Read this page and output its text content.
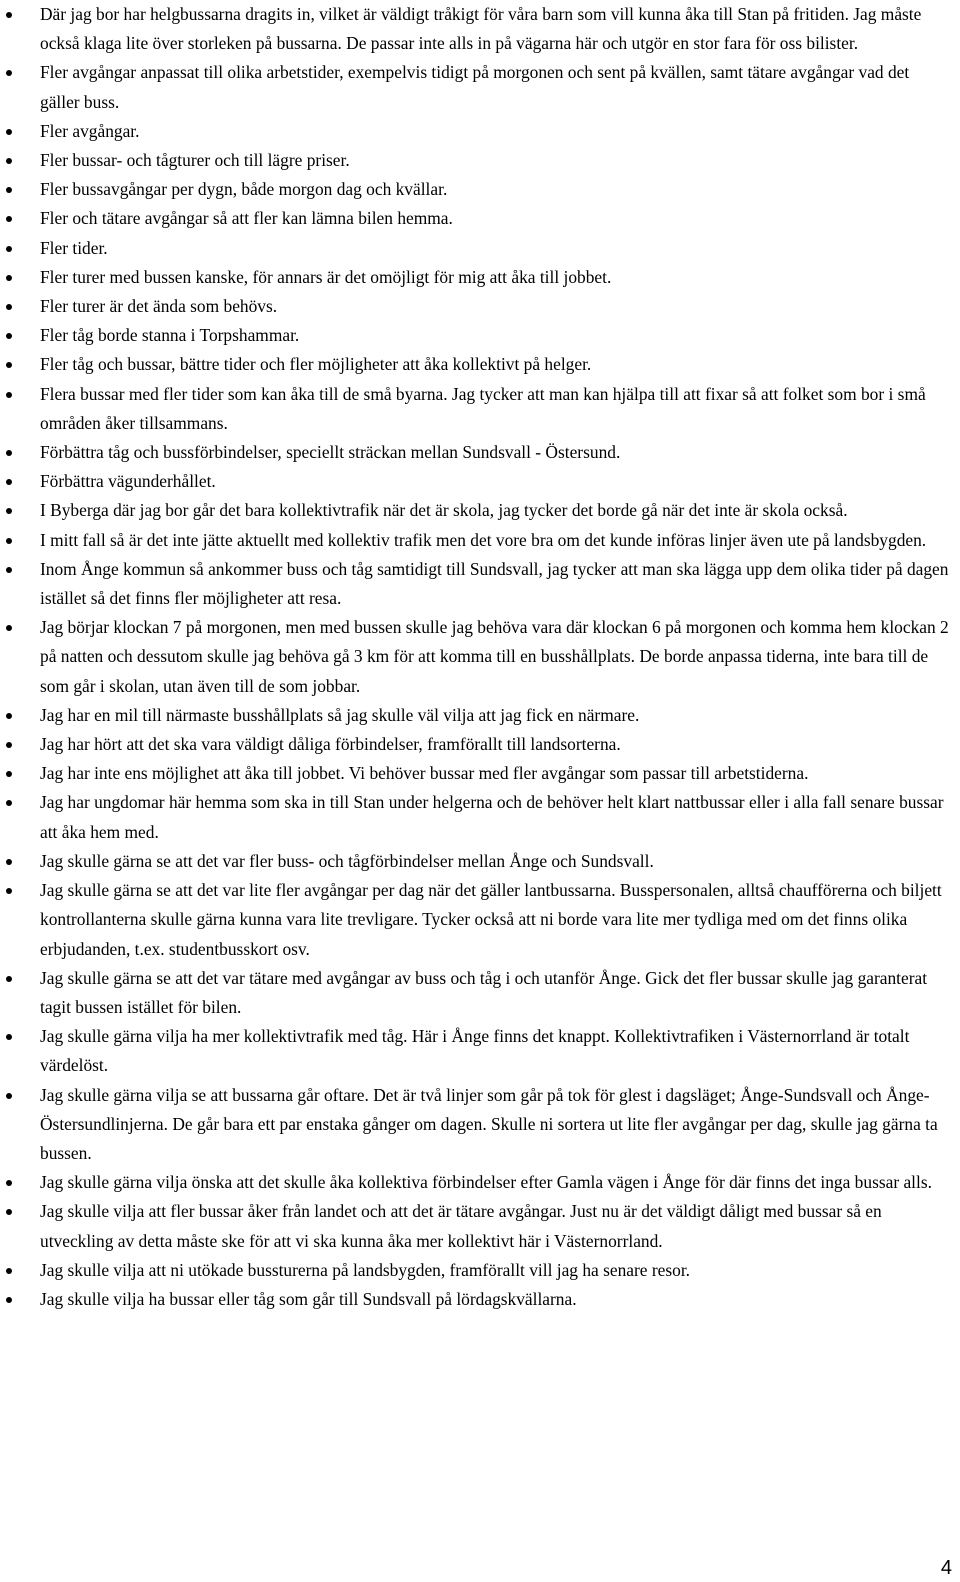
Där jag bor har helgbussarna dragits in, vilket är väldigt tråkigt för våra barn som vill kunna åka till Stan på fritiden. Jag måste också klaga lite över storleken på bussarna. De passar inte alls in på vägarna här och utgör en stor fara för oss bilister.
Fler avgångar anpassat till olika arbetstider, exempelvis tidigt på morgonen och sent på kvällen, samt tätare avgångar vad det gäller buss.
Fler avgångar.
Fler bussar- och tågturer och till lägre priser.
Fler bussavgångar per dygn, både morgon dag och kvällar.
Fler och tätare avgångar så att fler kan lämna bilen hemma.
Fler tider.
Fler turer med bussen kanske, för annars är det omöjligt för mig att åka till jobbet.
Fler turer är det ända som behövs.
Fler tåg borde stanna i Torpshammar.
Fler tåg och bussar, bättre tider och fler möjligheter att åka kollektivt på helger.
Flera bussar med fler tider som kan åka till de små byarna. Jag tycker att man kan hjälpa till att fixar så att folket som bor i små områden åker tillsammans.
Förbättra tåg och bussförbindelser, speciellt sträckan mellan Sundsvall - Östersund.
Förbättra vägunderhållet.
I Byberga där jag bor går det bara kollektivtrafik när det är skola, jag tycker det borde gå när det inte är skola också.
I mitt fall så är det inte jätte aktuellt med kollektiv trafik men det vore bra om det kunde införas linjer även ute på landsbygden.
Inom Ånge kommun så ankommer buss och tåg samtidigt till Sundsvall, jag tycker att man ska lägga upp dem olika tider på dagen istället så det finns fler möjligheter att resa.
Jag börjar klockan 7 på morgonen, men med bussen skulle jag behöva vara där klockan 6 på morgonen och komma hem klockan 2 på natten och dessutom skulle jag behöva gå 3 km för att komma till en busshållplats. De borde anpassa tiderna, inte bara till de som går i skolan, utan även till de som jobbar.
Jag har en mil till närmaste busshållplats så jag skulle väl vilja att jag fick en närmare.
Jag har hört att det ska vara väldigt dåliga förbindelser, framförallt till landsorterna.
Jag har inte ens möjlighet att åka till jobbet. Vi behöver bussar med fler avgångar som passar till arbetstiderna.
Jag har ungdomar här hemma som ska in till Stan under helgerna och de behöver helt klart nattbussar eller i alla fall senare bussar att åka hem med.
Jag skulle gärna se att det var fler buss- och tågförbindelser mellan Ånge och Sundsvall.
Jag skulle gärna se att det var lite fler avgångar per dag när det gäller lantbussarna. Busspersonalen, alltså chaufförerna och biljett kontrollanterna skulle gärna kunna vara lite trevligare. Tycker också att ni borde vara lite mer tydliga med om det finns olika erbjudanden, t.ex. studentbusskort osv.
Jag skulle gärna se att det var tätare med avgångar av buss och tåg i och utanför Ånge. Gick det fler bussar skulle jag garanterat tagit bussen istället för bilen.
Jag skulle gärna vilja ha mer kollektivtrafik med tåg. Här i Ånge finns det knappt. Kollektivtrafiken i Västernorrland är totalt värdelöst.
Jag skulle gärna vilja se att bussarna går oftare. Det är två linjer som går på tok för glest i dagsläget; Ånge-Sundsvall och Ånge-Östersundlinjerna. De går bara ett par enstaka gånger om dagen. Skulle ni sortera ut lite fler avgångar per dag, skulle jag gärna ta bussen.
Jag skulle gärna vilja önska att det skulle åka kollektiva förbindelser efter Gamla vägen i Ånge för där finns det inga bussar alls.
Jag skulle vilja att fler bussar åker från landet och att det är tätare avgångar. Just nu är det väldigt dåligt med bussar så en utveckling av detta måste ske för att vi ska kunna åka mer kollektivt här i Västernorrland.
Jag skulle vilja att ni utökade bussturerna på landsbygden, framförallt vill jag ha senare resor.
Jag skulle vilja ha bussar eller tåg som går till Sundsvall på lördagskvällarna.
4
